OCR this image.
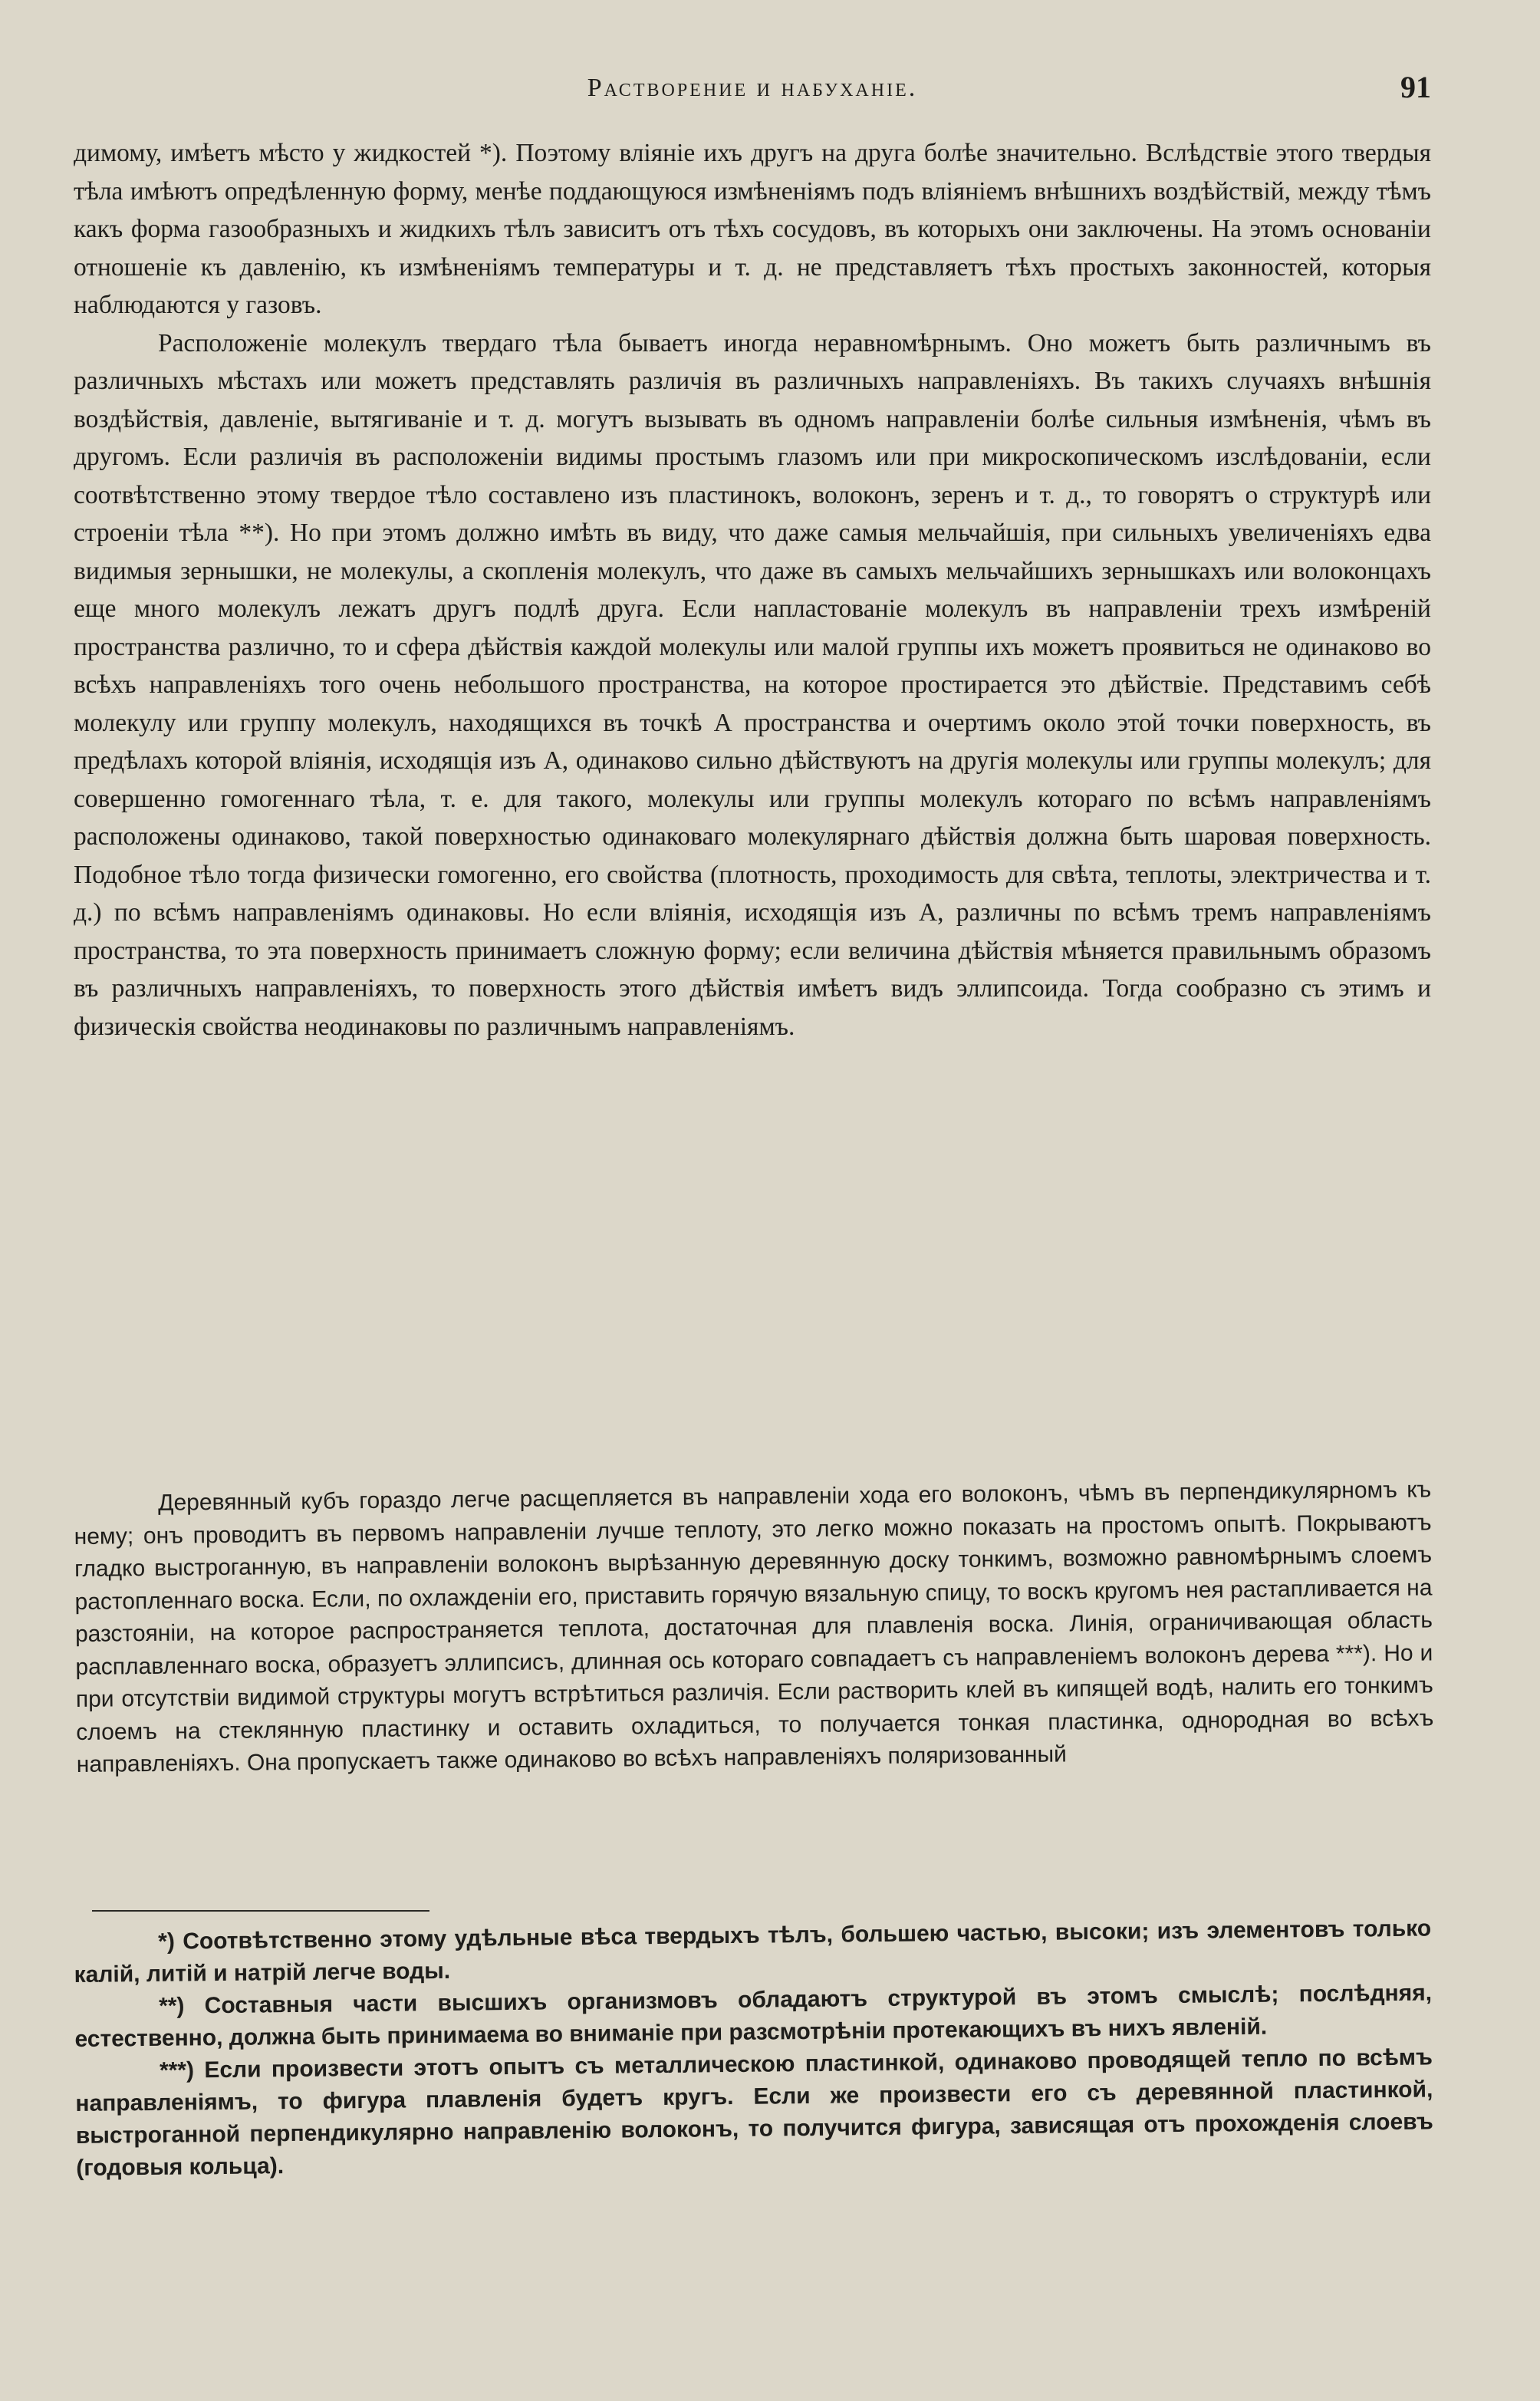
Растворение и набуханіе.	91

димому, имѣетъ мѣсто у жидкостей *). Поэтому вліяніе ихъ другъ на друга болѣе значительно. Вслѣдствіе этого твердыя тѣла имѣютъ опредѣленную форму, менѣе поддающуюся измѣненіямъ подъ вліяніемъ внѣшнихъ воздѣйствій, между тѣмъ какъ форма газообразныхъ и жидкихъ тѣлъ зависитъ отъ тѣхъ сосудовъ, въ которыхъ они заключены. На этомъ основаніи отношеніе къ давленію, къ измѣненіямъ температуры и т. д. не представляетъ тѣхъ простыхъ законностей, которыя наблюдаются у газовъ.

Расположеніе молекулъ твердаго тѣла бываетъ иногда неравномѣрнымъ. Оно можетъ быть различнымъ въ различныхъ мѣстахъ или можетъ представлять различія въ различныхъ направленіяхъ. Въ такихъ случаяхъ внѣшнія воздѣйствія, давленіе, вытягиваніе и т. д. могутъ вызывать въ одномъ направленіи болѣе сильныя измѣненія, чѣмъ въ другомъ. Если различія въ расположеніи видимы простымъ глазомъ или при микроскопическомъ изслѣдованіи, если соотвѣтственно этому твердое тѣло составлено изъ пластинокъ, волоконъ, зеренъ и т. д., то говорятъ о структурѣ или строеніи тѣла **). Но при этомъ должно имѣть въ виду, что даже самыя мельчайшія, при сильныхъ увеличеніяхъ едва видимыя зернышки, не молекулы, а скопленія молекулъ, что даже въ самыхъ мельчайшихъ зернышкахъ или волоконцахъ еще много молекулъ лежатъ другъ подлѣ друга. Если напластованіе молекулъ въ направленіи трехъ измѣреній пространства различно, то и сфера дѣйствія каждой молекулы или малой группы ихъ можетъ проявиться не одинаково во всѣхъ направленіяхъ того очень небольшого пространства, на которое простирается это дѣйствіе. Представимъ себѣ молекулу или группу молекулъ, находящихся въ точкѣ А пространства и очертимъ около этой точки поверхность, въ предѣлахъ которой вліянія, исходящія изъ А, одинаково сильно дѣйствуютъ на другія молекулы или группы молекулъ; для совершенно гомогеннаго тѣла, т. е. для такого, молекулы или группы молекулъ котораго по всѣмъ направленіямъ расположены одинаково, такой поверхностью одинаковаго молекулярнаго дѣйствія должна быть шаровая поверхность. Подобное тѣло тогда физически гомогенно, его свойства (плотность, проходимость для свѣта, теплоты, электричества и т. д.) по всѣмъ направленіямъ одинаковы. Но если вліянія, исходящія изъ А, различны по всѣмъ тремъ направленіямъ пространства, то эта поверхность принимаетъ сложную форму; если величина дѣйствія мѣняется правильнымъ образомъ въ различныхъ направленіяхъ, то поверхность этого дѣйствія имѣетъ видъ эллипсоида. Тогда сообразно съ этимъ и физическія свойства неодинаковы по различнымъ направленіямъ.

Деревянный кубъ гораздо легче расщепляется въ направленіи хода его волоконъ, чѣмъ въ перпендикулярномъ къ нему; онъ проводитъ въ первомъ направленіи лучше теплоту, это легко можно показать на простомъ опытѣ. Покрываютъ гладко выстроганную, въ направленіи волоконъ вырѣзанную деревянную доску тонкимъ, возможно равномѣрнымъ слоемъ растопленнаго воска. Если, по охлажденіи его, приставить горячую вязальную спицу, то воскъ кругомъ нея растапливается на разстояніи, на которое распространяется теплота, достаточная для плавленія воска. Линія, ограничивающая область расплавленнаго воска, образуетъ эллипсисъ, длинная ось котораго совпадаетъ съ направленіемъ волоконъ дерева ***). Но и при отсутствіи видимой структуры могутъ встрѣтиться различія. Если растворить клей въ кипящей водѣ, налить его тонкимъ слоемъ на стеклянную пластинку и оставить охладиться, то получается тонкая пластинка, однородная во всѣхъ направленіяхъ. Она пропускаетъ также одинаково во всѣхъ направленіяхъ поляризованный

*) Соотвѣтственно этому удѣльные вѣса твердыхъ тѣлъ, большею частью, высоки; изъ элементовъ только калій, литій и натрій легче воды.

**) Составныя части высшихъ организмовъ обладаютъ структурой въ этомъ смыслѣ; послѣдняя, естественно, должна быть принимаема во вниманіе при разсмотрѣніи протекающихъ въ нихъ явленій.

***) Если произвести этотъ опытъ съ металлическою пластинкой, одинаково проводящей тепло по всѣмъ направленіямъ, то фигура плавленія будетъ кругъ. Если же произвести его съ деревянной пластинкой, выстроганной перпендикулярно направленію волоконъ, то получится фигура, зависящая отъ прохожденія слоевъ (годовыя кольца).
